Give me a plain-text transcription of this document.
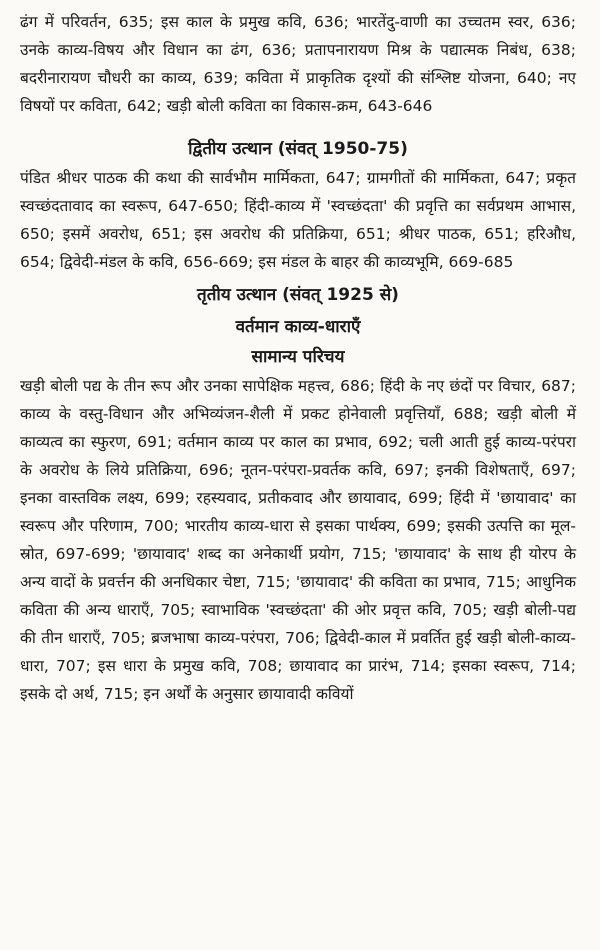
ढंग में परिवर्तन, 635; इस काल के प्रमुख कवि, 636; भारतेंदु-वाणी का उच्चतम स्वर, 636; उनके काव्य-विषय और विधान का ढंग, 636; प्रतापनारायण मिश्र के पद्यात्मक निबंध, 638; बदरीनारायण चौधरी का काव्य, 639; कविता में प्राकृतिक दृश्यों की संश्लिष्ट योजना, 640; नए विषयों पर कविता, 642; खड़ी बोली कविता का विकास-क्रम, 643-646

द्वितीय उत्थान (संवत् 1950-75)

पंडित श्रीधर पाठक की कथा की सार्वभौम मार्मिकता, 647; ग्रामगीतों की मार्मिकता, 647; प्रकृत स्वच्छंदतावाद का स्वरूप, 647-650; हिंदी-काव्य में 'स्वच्छंदता' की प्रवृत्ति का सर्वप्रथम आभास, 650; इसमें अवरोध, 651; इस अवरोध की प्रतिक्रिया, 651; श्रीधर पाठक, 651; हरिऔध, 654; द्विवेदी-मंडल के कवि, 656-669; इस मंडल के बाहर की काव्यभूमि, 669-685

तृतीय उत्थान (संवत् 1925 से)
वर्तमान काव्य-धाराएँ
सामान्य परिचय

खड़ी बोली पद्य के तीन रूप और उनका सापेक्षिक महत्त्व, 686; हिंदी के नए छंदों पर विचार, 687; काव्य के वस्तु-विधान और अभिव्यंजन-शैली में प्रकट होनेवाली प्रवृत्तियाँ, 688; खड़ी बोली में काव्यत्व का स्फुरण, 691; वर्तमान काव्य पर काल का प्रभाव, 692; चली आती हुई काव्य-परंपरा के अवरोध के लिये प्रतिक्रिया, 696; नूतन-परंपरा-प्रवर्तक कवि, 697; इनकी विशेषताएँ, 697; इनका वास्तविक लक्ष्य, 699; रहस्यवाद, प्रतीकवाद और छायावाद, 699; हिंदी में 'छायावाद' का स्वरूप और परिणाम, 700; भारतीय काव्य-धारा से इसका पार्थक्य, 699; इसकी उत्पत्ति का मूल-स्रोत, 697-699; 'छायावाद' शब्द का अनेकार्थी प्रयोग, 715; 'छायावाद' के साथ ही योरप के अन्य वादों के प्रवर्त्तन की अनधिकार चेष्टा, 715; 'छायावाद' की कविता का प्रभाव, 715; आधुनिक कविता की अन्य धाराएँ, 705; स्वाभाविक 'स्वच्छंदता' की ओर प्रवृत्त कवि, 705; खड़ी बोली-पद्य की तीन धाराएँ, 705; ब्रजभाषा काव्य-परंपरा, 706; द्विवेदी-काल में प्रवर्तित हुई खड़ी बोली-काव्य-धारा, 707; इस धारा के प्रमुख कवि, 708; छायावाद का प्रारंभ, 714; इसका स्वरूप, 714; इसके दो अर्थ, 715; इन अर्थों के अनुसार छायावादी कवियों
